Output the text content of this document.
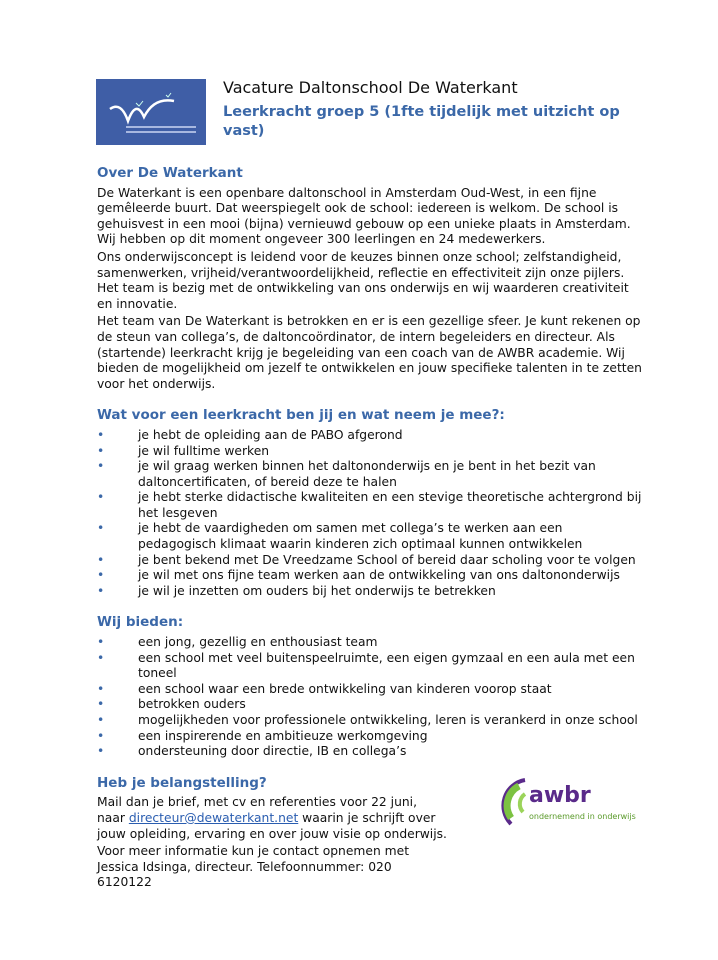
Vacature Daltonschool De Waterkant
Leerkracht groep 5 (1fte tijdelijk met uitzicht op vast)
Over De Waterkant

De Waterkant is een openbare daltonschool in Amsterdam Oud-West, in een fijne gemêleerde buurt. Dat weerspiegelt ook de school: iedereen is welkom. De school is gehuisvest in een mooi (bijna) vernieuwd gebouw op een unieke plaats in Amsterdam. Wij hebben op dit moment ongeveer 300 leerlingen en 24 medewerkers.

Ons onderwijsconcept is leidend voor de keuzes binnen onze school; zelfstandigheid, samenwerken, vrijheid/verantwoordelijkheid, reflectie en effectiviteit zijn onze pijlers. Het team is bezig met de ontwikkeling van ons onderwijs en wij waarderen creativiteit en innovatie.

Het team van De Waterkant is betrokken en er is een gezellige sfeer. Je kunt rekenen op de steun van collega’s, de daltoncoördinator, de intern begeleiders en directeur. Als (startende) leerkracht krijg je begeleiding van een coach van de AWBR academie. Wij bieden de mogelijkheid om jezelf te ontwikkelen en jouw specifieke talenten in te zetten voor het onderwijs.

Wat voor een leerkracht ben jij en wat neem je mee?:
• je hebt de opleiding aan de PABO afgerond
• je wil fulltime werken
• je wil graag werken binnen het daltononderwijs en je bent in het bezit van daltoncertificaten, of bereid deze te halen
• je hebt sterke didactische kwaliteiten en een stevige theoretische achtergrond bij het lesgeven
• je hebt de vaardigheden om samen met collega’s te werken aan een pedagogisch klimaat waarin kinderen zich optimaal kunnen ontwikkelen
• je bent bekend met De Vreedzame School of bereid daar scholing voor te volgen
• je wil met ons fijne team werken aan de ontwikkeling van ons daltononderwijs
• je wil je inzetten om ouders bij het onderwijs te betrekken
Wij bieden:
• een jong, gezellig en enthousiast team
• een school met veel buitenspeelruimte, een eigen gymzaal en een aula met een toneel
• een school waar een brede ontwikkeling van kinderen voorop staat
• betrokken ouders
• mogelijkheden voor professionele ontwikkeling, leren is verankerd in onze school
• een inspirerende en ambitieuze werkomgeving
• ondersteuning door directie, IB en collega’s
Heb je belangstelling?

Mail dan je brief, met cv en referenties voor 22 juni, naar directeur@dewaterkant.net waarin je schrijft over jouw opleiding, ervaring en over jouw visie op onderwijs.

Voor meer informatie kun je contact opnemen met Jessica Idsinga, directeur. Telefoonnummer: 020 6120122

awbr
ondernemend in onderwijs
